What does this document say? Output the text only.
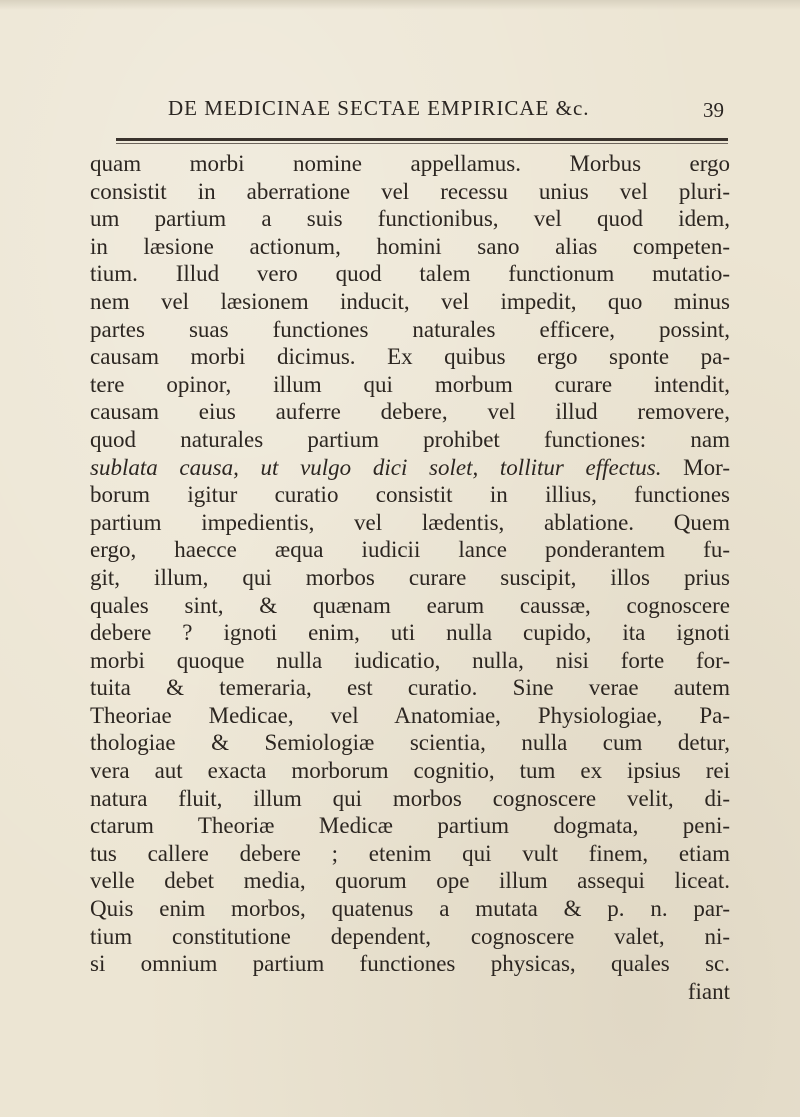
DE MEDICINAE SECTAE EMPIRICAE &c.	39
quam morbi nomine appellamus. Morbus ergo
consistit in aberratione vel recessu unius vel pluri-
um partium a suis functionibus, vel quod idem,
in læsione actionum, homini sano alias competen-
tium. Illud vero quod talem functionum mutatio-
nem vel læsionem inducit, vel impedit, quo minus
partes suas functiones naturales efficere, possint,
causam morbi dicimus. Ex quibus ergo sponte pa-
tere opinor, illum qui morbum curare intendit,
causam eius auferre debere, vel illud removere,
quod naturales partium prohibet functiones: nam
sublata causa, ut vulgo dici solet, tollitur effectus. Mor-
borum igitur curatio consistit in illius, functiones
partium impedientis, vel lædentis, ablatione. Quem
ergo, haecce æqua iudicii lance ponderantem fu-
git, illum, qui morbos curare suscipit, illos prius
quales sint, & quænam earum caussæ, cognoscere
debere ? ignoti enim, uti nulla cupido, ita ignoti
morbi quoque nulla iudicatio, nulla, nisi forte for-
tuita & temeraria, est curatio. Sine verae autem
Theoriae Medicae, vel Anatomiae, Physiologiae, Pa-
thologiae & Semiologiæ scientia, nulla cum detur,
vera aut exacta morborum cognitio, tum ex ipsius rei
natura fluit, illum qui morbos cognoscere velit, di-
ctarum Theoriæ Medicæ partium dogmata, peni-
tus callere debere ; etenim qui vult finem, etiam
velle debet media, quorum ope illum assequi liceat.
Quis enim morbos, quatenus a mutata & p. n. par-
tium constitutione dependent, cognoscere valet, ni-
si omnium partium functiones physicas, quales sc.
fiant
